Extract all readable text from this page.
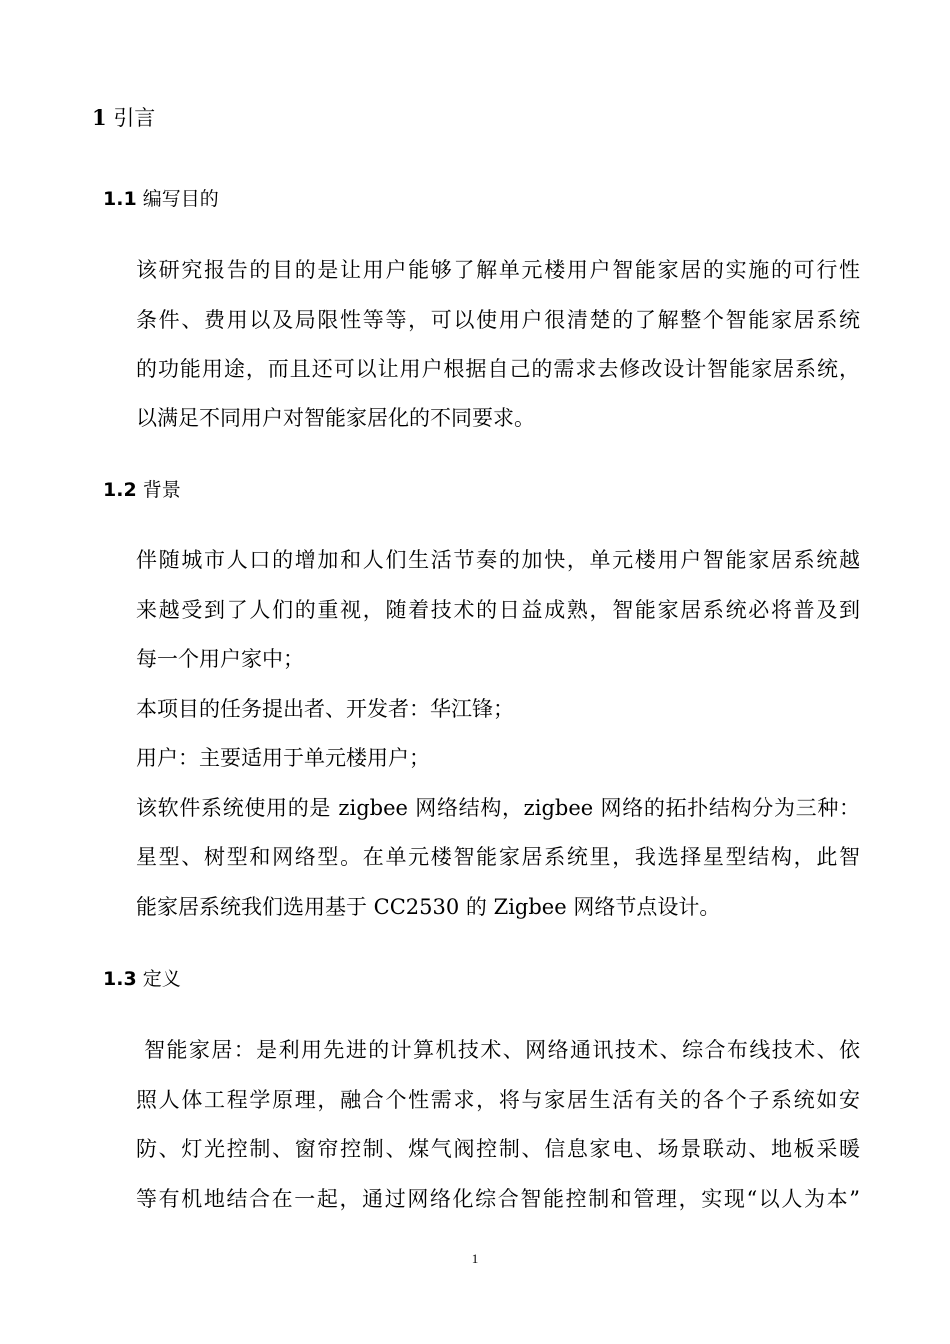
1 引言
1.1 编写目的
该研究报告的目的是让用户能够了解单元楼用户智能家居的实施的可行性
条件、费用以及局限性等等，可以使用户很清楚的了解整个智能家居系统
的功能用途，而且还可以让用户根据自己的需求去修改设计智能家居系统，
以满足不同用户对智能家居化的不同要求。
1.2 背景
伴随城市人口的增加和人们生活节奏的加快，单元楼用户智能家居系统越
来越受到了人们的重视，随着技术的日益成熟，智能家居系统必将普及到
每一个用户家中；
本项目的任务提出者、开发者：华江锋；
用户：主要适用于单元楼用户；
该软件系统使用的是 zigbee 网络结构，zigbee 网络的拓扑结构分为三种：
星型、树型和网络型。在单元楼智能家居系统里，我选择星型结构，此智
能家居系统我们选用基于 CC2530 的 Zigbee 网络节点设计。
1.3 定义
智能家居：是利用先进的计算机技术、网络通讯技术、综合布线技术、依
照人体工程学原理，融合个性需求，将与家居生活有关的各个子系统如安
防、灯光控制、窗帘控制、煤气阀控制、信息家电、场景联动、地板采暖
等有机地结合在一起，通过网络化综合智能控制和管理，实现“以人为本”
1
